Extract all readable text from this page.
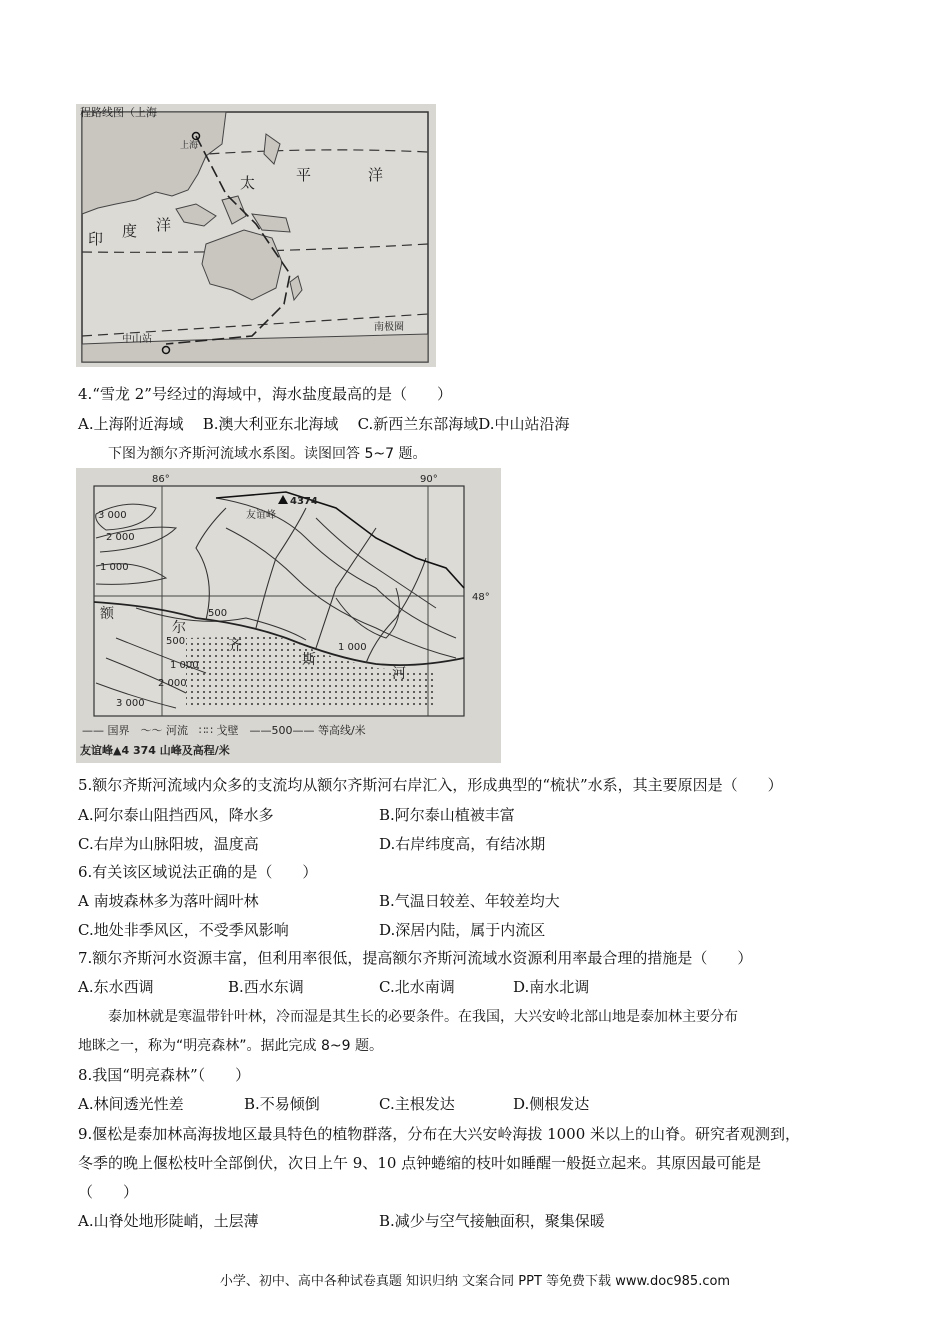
程路线图（上海
上海
太	平	洋
印 度 洋
中山站
南极圈
4.“雪龙 2”号经过的海域中，海水盐度最高的是（　　）
A.上海附近海域 B.澳大利亚东北海域 C.新西兰东部海域D.中山站沿海
下图为额尔齐斯河流域水系图。读图回答 5~7 题。
4374
友谊峰
86°	90°
48°
3 000
2 000
1 000
500
500
1 000
2 000
3 000
1 000
额
尔
齐
斯
河
—— 国界　～～ 河流　∷∷ 戈壁　——500—— 等高线/米
友谊峰▲4 374 山峰及高程/米
5.额尔齐斯河流域内众多的支流均从额尔齐斯河右岸汇入，形成典型的“梳状”水系，其主要原因是（　　）
A.阿尔泰山阻挡西风，降水多	B.阿尔泰山植被丰富
C.右岸为山脉阳坡，温度高	D.右岸纬度高，有结冰期
6.有关该区域说法正确的是（　　）
A 南坡森林多为落叶阔叶林	B.气温日较差、年较差均大
C.地处非季风区，不受季风影响	D.深居内陆，属于内流区
7.额尔齐斯河水资源丰富，但利用率很低，提高额尔齐斯河流域水资源利用率最合理的措施是（　　）
A.东水西调	B.西水东调	C.北水南调	D.南水北调
泰加林就是寒温带针叶林，冷而湿是其生长的必要条件。在我国，大兴安岭北部山地是泰加林主要分布
地眯之一，称为“明亮森林”。据此完成 8~9 题。
8.我国“明亮森林”（　　）
A.林间透光性差	B.不易倾倒	C.主根发达	D.侧根发达
9.偃松是泰加林高海拔地区最具特色的植物群落，分布在大兴安岭海拔 1000 米以上的山脊。研究者观测到，
冬季的晚上偃松枝叶全部倒伏，次日上午 9、10 点钟蜷缩的枝叶如睡醒一般挺立起来。其原因最可能是
（　　）
A.山脊处地形陡峭，土层薄	B.减少与空气接触面积，聚集保暖
小学、初中、高中各种试卷真题 知识归纳 文案合同 PPT 等免费下载 www.doc985.com
